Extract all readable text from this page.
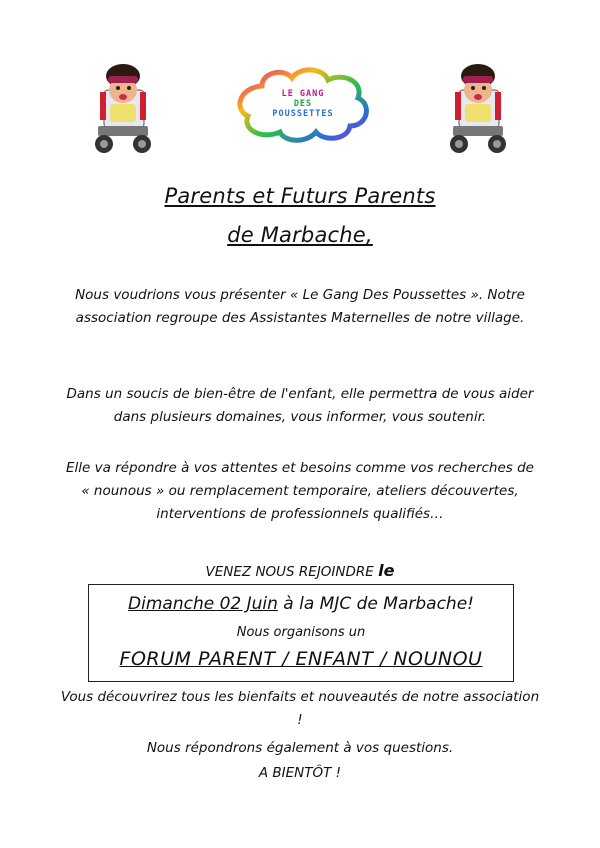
LE GANG
DES
POUSSETTES
Parents et Futurs Parents
de Marbache,
Nous voudrions vous présenter « Le Gang Des Poussettes ». Notre association regroupe des Assistantes Maternelles de notre village.
Dans un soucis de bien-être de l'enfant, elle permettra de vous aider dans plusieurs domaines, vous informer, vous soutenir.
Elle va répondre à vos attentes et besoins comme vos recherches de « nounous » ou remplacement temporaire, ateliers découvertes, interventions de professionnels qualifiés…
VENEZ NOUS REJOINDRE le
Dimanche 02 Juin à la MJC de Marbache!
Nous organisons un
FORUM PARENT / ENFANT / NOUNOU
Vous découvrirez tous les bienfaits et nouveautés de notre association !
Nous répondrons également à vos questions.
A BIENTÔT !
